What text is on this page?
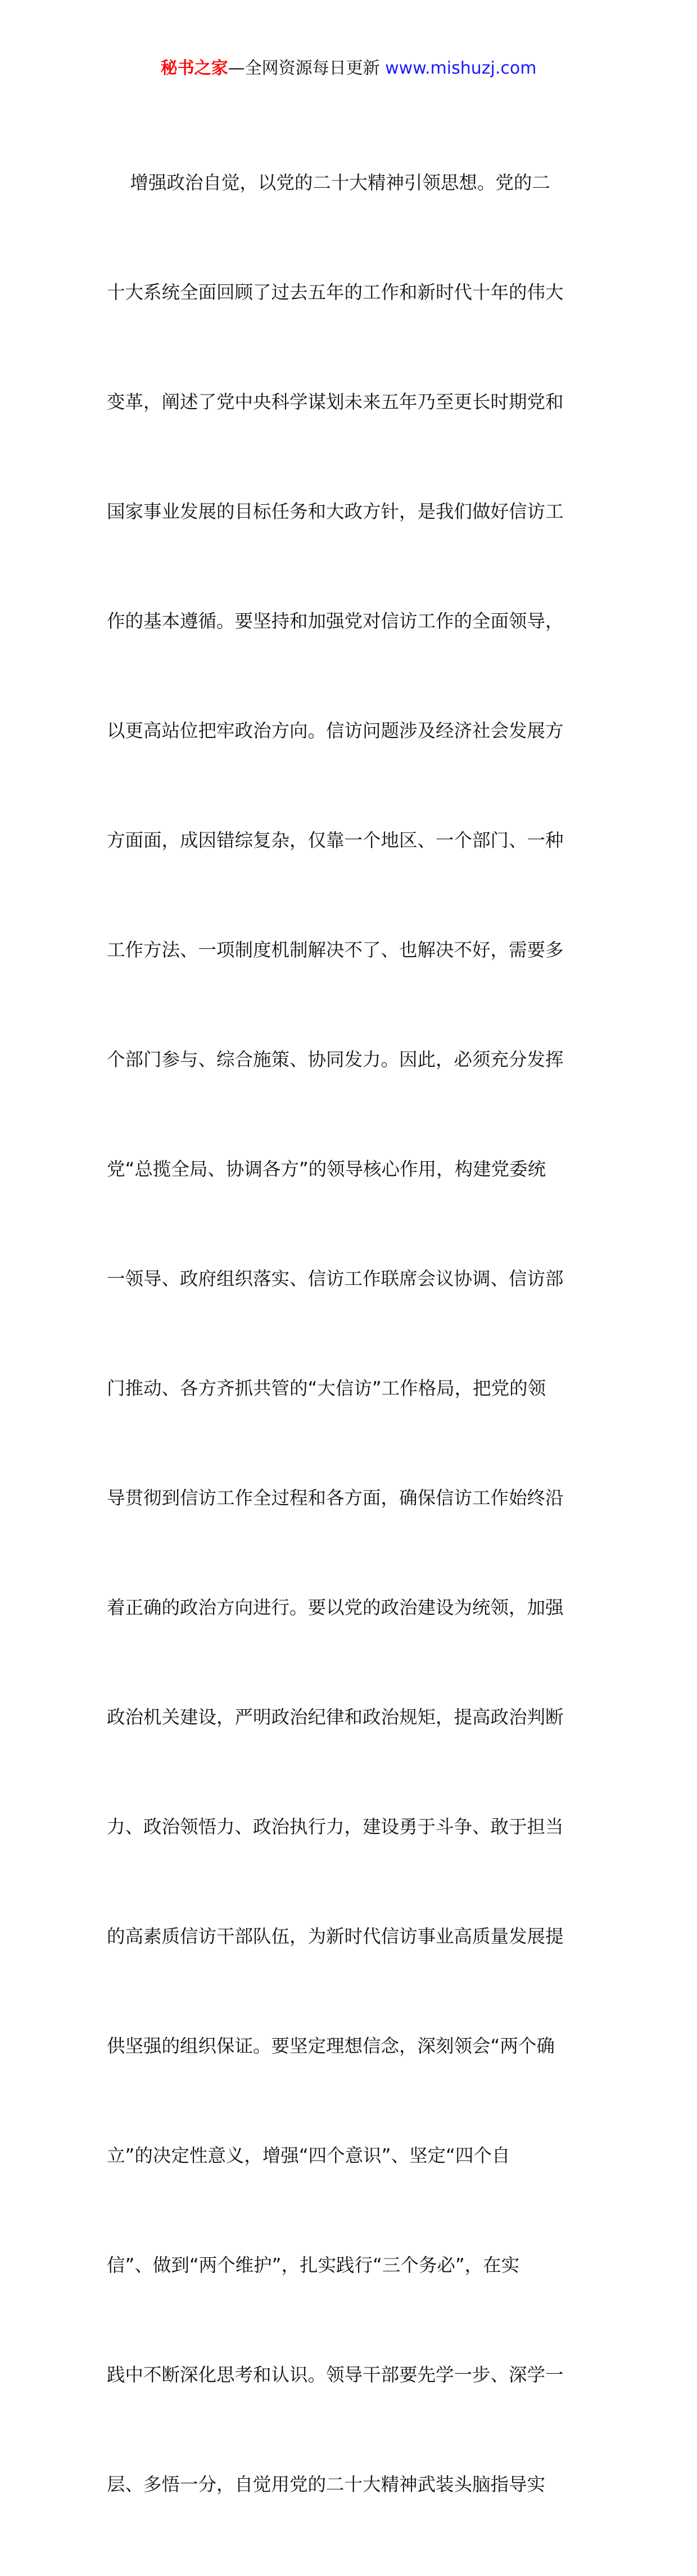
秘书之家—全网资源每日更新 www.mishuzj.com

增强政治自觉，以党的二十大精神引领思想。党的二

十大系统全面回顾了过去五年的工作和新时代十年的伟大

变革，阐述了党中央科学谋划未来五年乃至更长时期党和

国家事业发展的目标任务和大政方针，是我们做好信访工

作的基本遵循。要坚持和加强党对信访工作的全面领导，

以更高站位把牢政治方向。信访问题涉及经济社会发展方

方面面，成因错综复杂，仅靠一个地区、一个部门、一种

工作方法、一项制度机制解决不了、也解决不好，需要多

个部门参与、综合施策、协同发力。因此，必须充分发挥

党“总揽全局、协调各方”的领导核心作用，构建党委统

一领导、政府组织落实、信访工作联席会议协调、信访部

门推动、各方齐抓共管的“大信访”工作格局，把党的领

导贯彻到信访工作全过程和各方面，确保信访工作始终沿

着正确的政治方向进行。要以党的政治建设为统领，加强

政治机关建设，严明政治纪律和政治规矩，提高政治判断

力、政治领悟力、政治执行力，建设勇于斗争、敢于担当

的高素质信访干部队伍，为新时代信访事业高质量发展提

供坚强的组织保证。要坚定理想信念，深刻领会“两个确

立”的决定性意义，增强“四个意识”、坚定“四个自

信”、做到“两个维护”，扎实践行“三个务必”，在实

践中不断深化思考和认识。领导干部要先学一步、深学一

层、多悟一分，自觉用党的二十大精神武装头脑指导实
